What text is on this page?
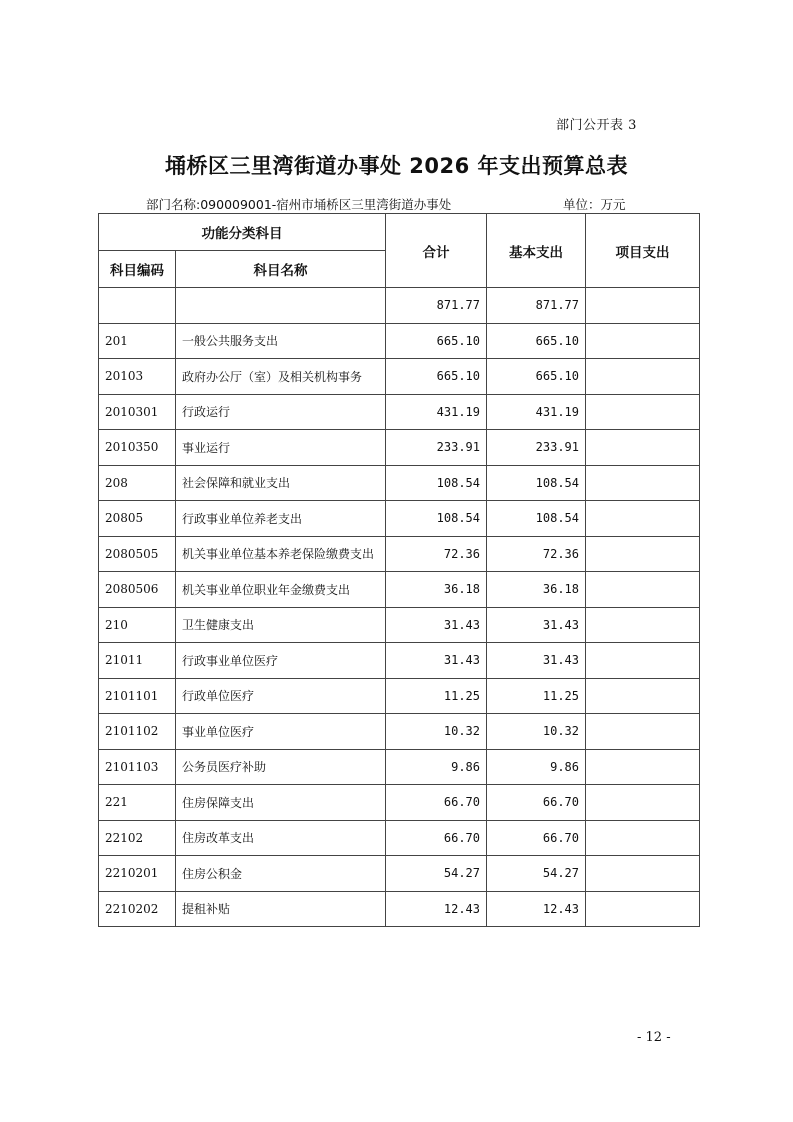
部门公开表 3
埇桥区三里湾街道办事处 2026 年支出预算总表
部门名称:090009001-宿州市埇桥区三里湾街道办事处	单位：万元
功能分类科目		合计	基本支出	项目支出
科目编码	科目名称			
		871.77	871.77	
201	一般公共服务支出	665.10	665.10	
20103	政府办公厅（室）及相关机构事务	665.10	665.10	
2010301	行政运行	431.19	431.19	
2010350	事业运行	233.91	233.91	
208	社会保障和就业支出	108.54	108.54	
20805	行政事业单位养老支出	108.54	108.54	
2080505	机关事业单位基本养老保险缴费支出	72.36	72.36	
2080506	机关事业单位职业年金缴费支出	36.18	36.18	
210	卫生健康支出	31.43	31.43	
21011	行政事业单位医疗	31.43	31.43	
2101101	行政单位医疗	11.25	11.25	
2101102	事业单位医疗	10.32	10.32	
2101103	公务员医疗补助	9.86	9.86	
221	住房保障支出	66.70	66.70	
22102	住房改革支出	66.70	66.70	
2210201	住房公积金	54.27	54.27	
2210202	提租补贴	12.43	12.43	
- 12 -
